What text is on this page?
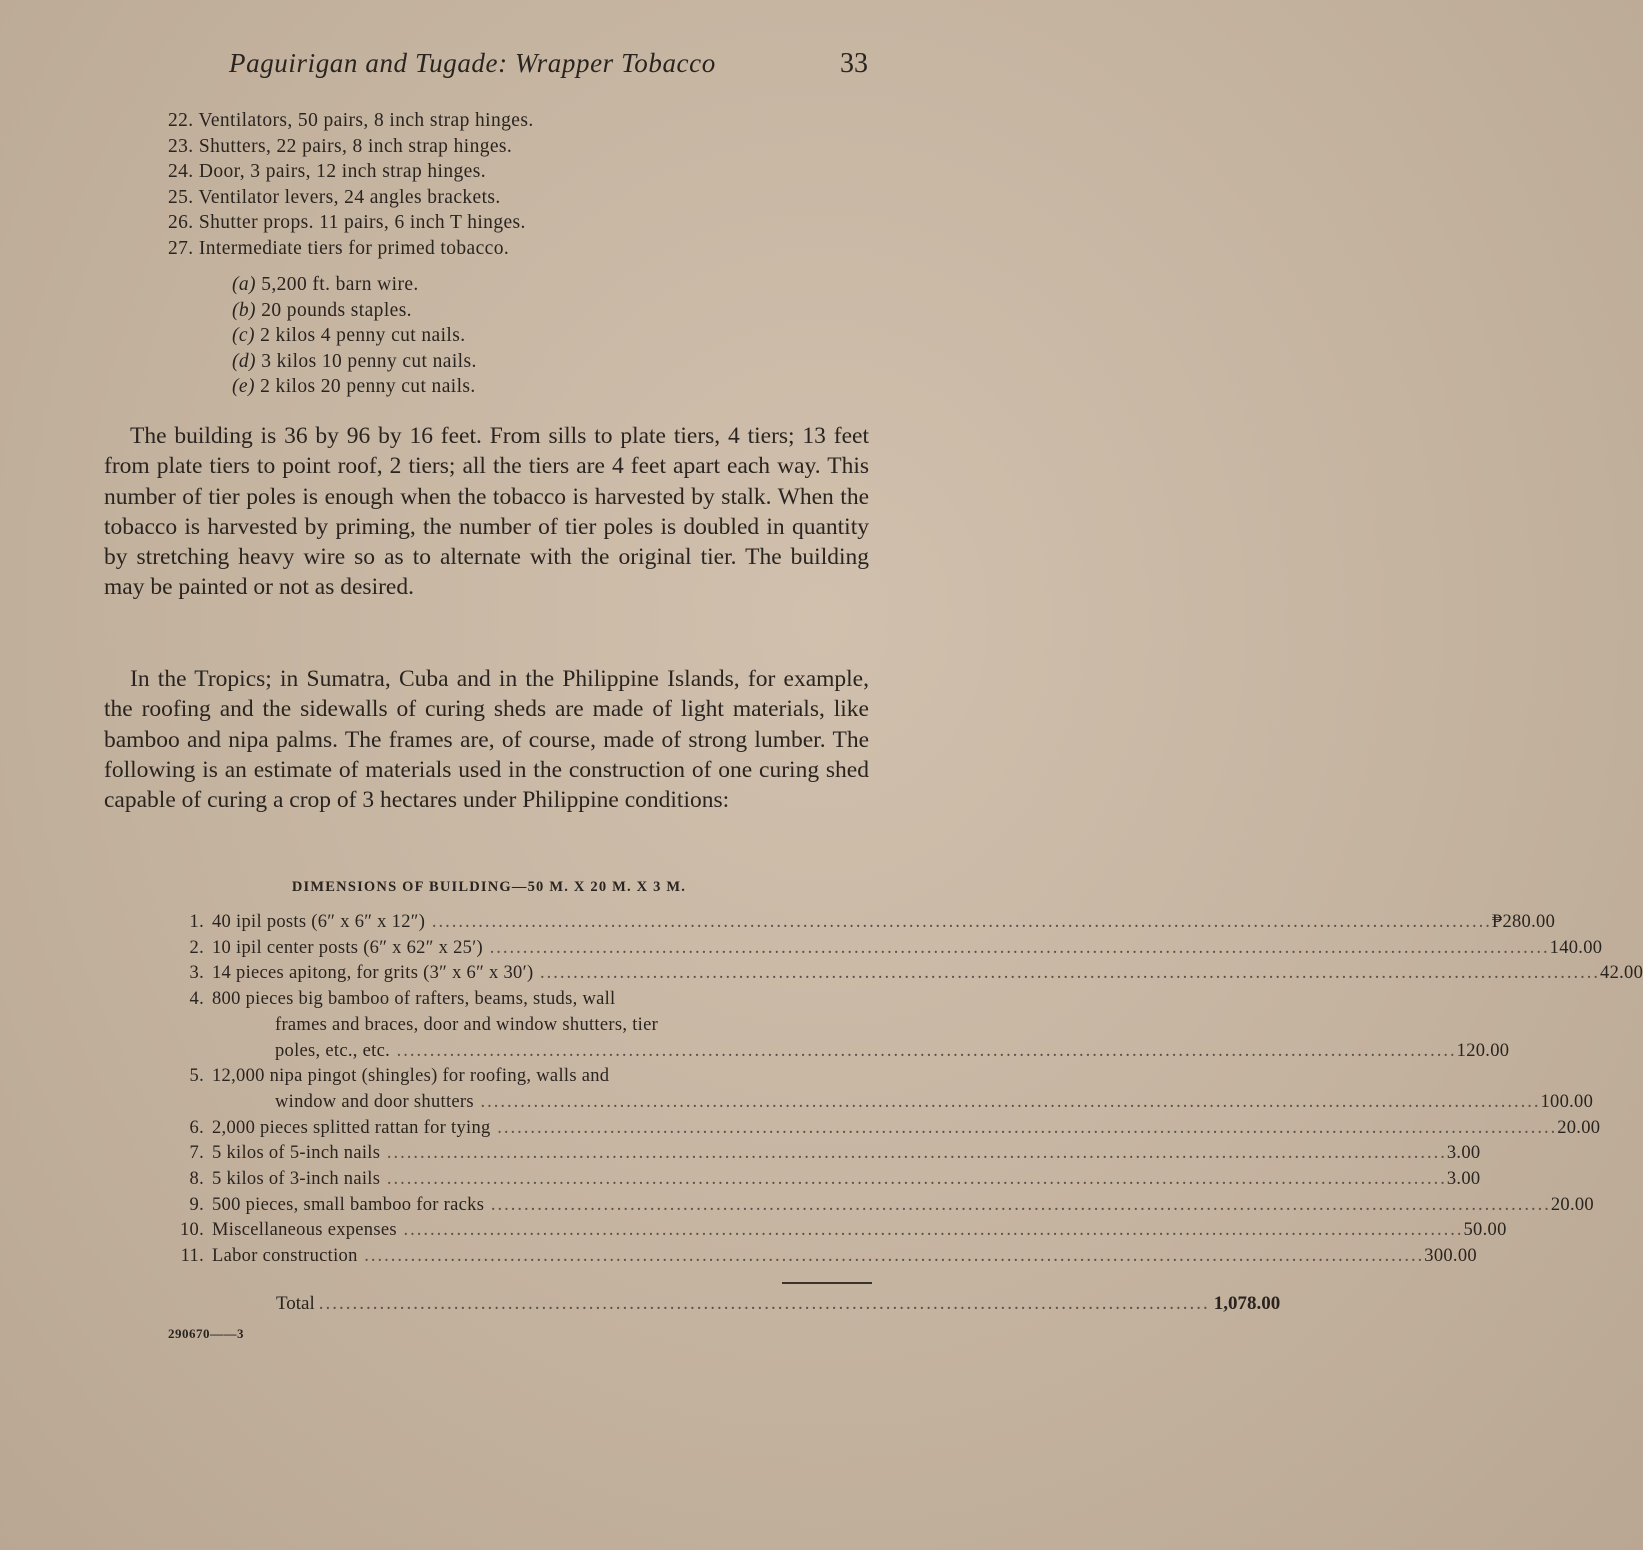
Paguirigan and Tugade: Wrapper Tobacco	33
22. Ventilators, 50 pairs, 8 inch strap hinges.
23. Shutters, 22 pairs, 8 inch strap hinges.
24. Door, 3 pairs, 12 inch strap hinges.
25. Ventilator levers, 24 angles brackets.
26. Shutter props. 11 pairs, 6 inch T hinges.
27. Intermediate tiers for primed tobacco.
(a) 5,200 ft. barn wire.
(b) 20 pounds staples.
(c) 2 kilos 4 penny cut nails.
(d) 3 kilos 10 penny cut nails.
(e) 2 kilos 20 penny cut nails.

The building is 36 by 96 by 16 feet. From sills to plate tiers, 4 tiers; 13 feet from plate tiers to point roof, 2 tiers; all the tiers are 4 feet apart each way. This number of tier poles is enough when the tobacco is harvested by stalk. When the tobacco is harvested by priming, the number of tier poles is doubled in quantity by stretching heavy wire so as to alternate with the original tier. The building may be painted or not as desired.

In the Tropics; in Sumatra, Cuba and in the Philippine Islands, for example, the roofing and the sidewalls of curing sheds are made of light materials, like bamboo and nipa palms. The frames are, of course, made of strong lumber. The following is an estimate of materials used in the construction of one curing shed capable of curing a crop of 3 hectares under Philippine conditions:

DIMENSIONS OF BUILDING—50 M. X 20 M. X 3 M.
1. 40 ipil posts (6″ x 6″ x 12″) ................................................................................................................................................................ ₱280.00
2. 10 ipil center posts (6″ x 62″ x 25′) ................................................................................................................................................................ 140.00
3. 14 pieces apitong, for grits (3″ x 6″ x 30′) ................................................................................................................................................................ 42.00
4. 800 pieces big bamboo of rafters, beams, studs, wall
frames and braces, door and window shutters, tier
poles, etc., etc. ................................................................................................................................................................ 120.00
5. 12,000 nipa pingot (shingles) for roofing, walls and
window and door shutters ................................................................................................................................................................ 100.00
6. 2,000 pieces splitted rattan for tying ................................................................................................................................................................ 20.00
7. 5 kilos of 5-inch nails ................................................................................................................................................................ 3.00
8. 5 kilos of 3-inch nails ................................................................................................................................................................ 3.00
9. 500 pieces, small bamboo for racks ................................................................................................................................................................ 20.00
10. Miscellaneous expenses ................................................................................................................................................................ 50.00
11. Labor construction ................................................................................................................................................................ 300.00
Total .................................................................................................................................... 1,078.00
290670——3
